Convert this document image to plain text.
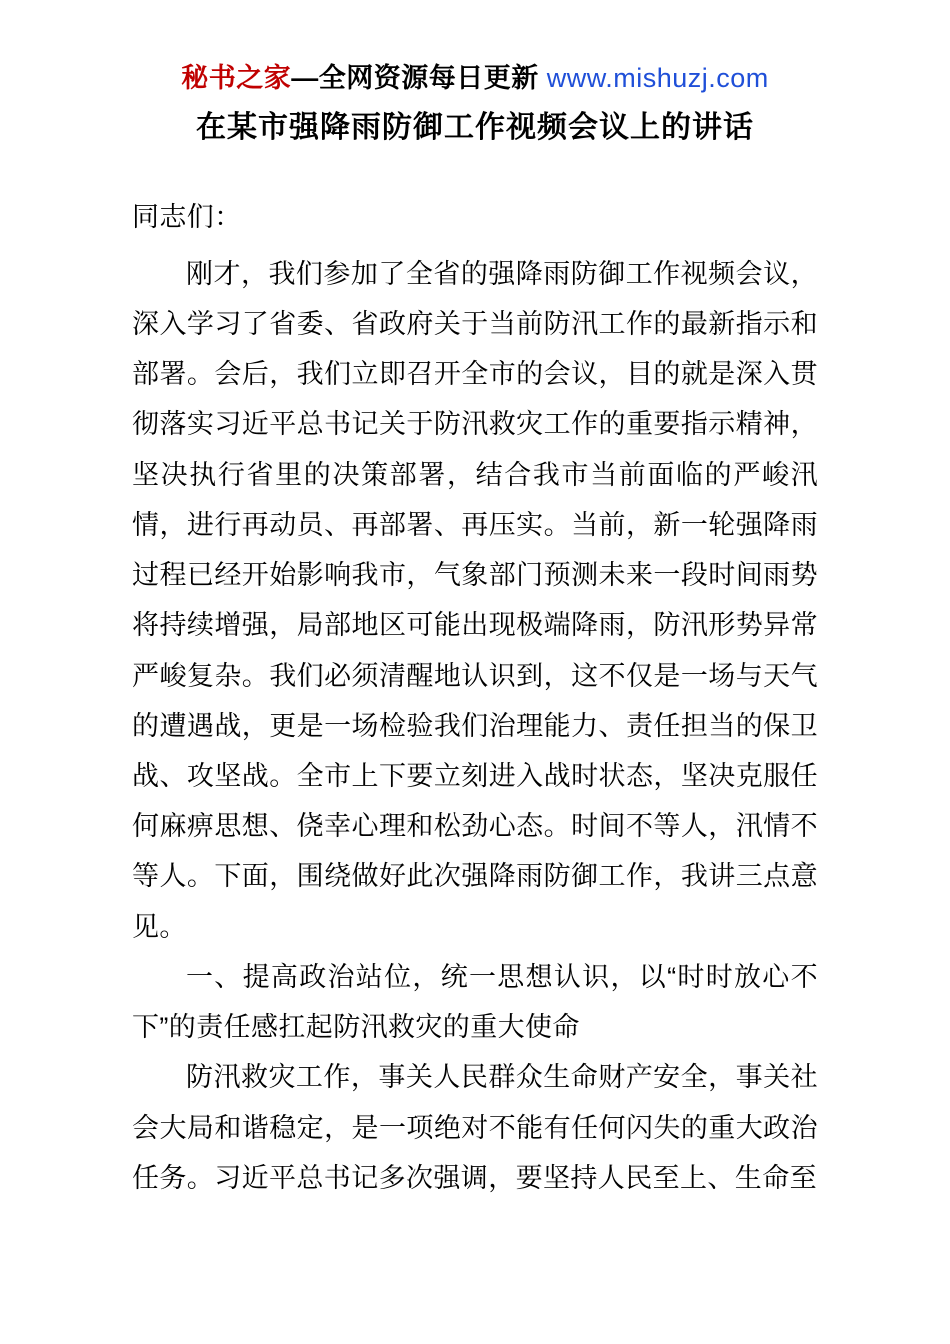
秘书之家—全网资源每日更新 www.mishuzj.com
在某市强降雨防御工作视频会议上的讲话

同志们：

刚才，我们参加了全省的强降雨防御工作视频会议，深入学习了省委、省政府关于当前防汛工作的最新指示和部署。会后，我们立即召开全市的会议，目的就是深入贯彻落实习近平总书记关于防汛救灾工作的重要指示精神，坚决执行省里的决策部署，结合我市当前面临的严峻汛情，进行再动员、再部署、再压实。当前，新一轮强降雨过程已经开始影响我市，气象部门预测未来一段时间雨势将持续增强，局部地区可能出现极端降雨，防汛形势异常严峻复杂。我们必须清醒地认识到，这不仅是一场与天气的遭遇战，更是一场检验我们治理能力、责任担当的保卫战、攻坚战。全市上下要立刻进入战时状态，坚决克服任何麻痹思想、侥幸心理和松劲心态。时间不等人，汛情不等人。下面，围绕做好此次强降雨防御工作，我讲三点意见。

一、提高政治站位，统一思想认识，以“时时放心不下”的责任感扛起防汛救灾的重大使命

防汛救灾工作，事关人民群众生命财产安全，事关社会大局和谐稳定，是一项绝对不能有任何闪失的重大政治任务。习近平总书记多次强调，要坚持人民至上、生命至
